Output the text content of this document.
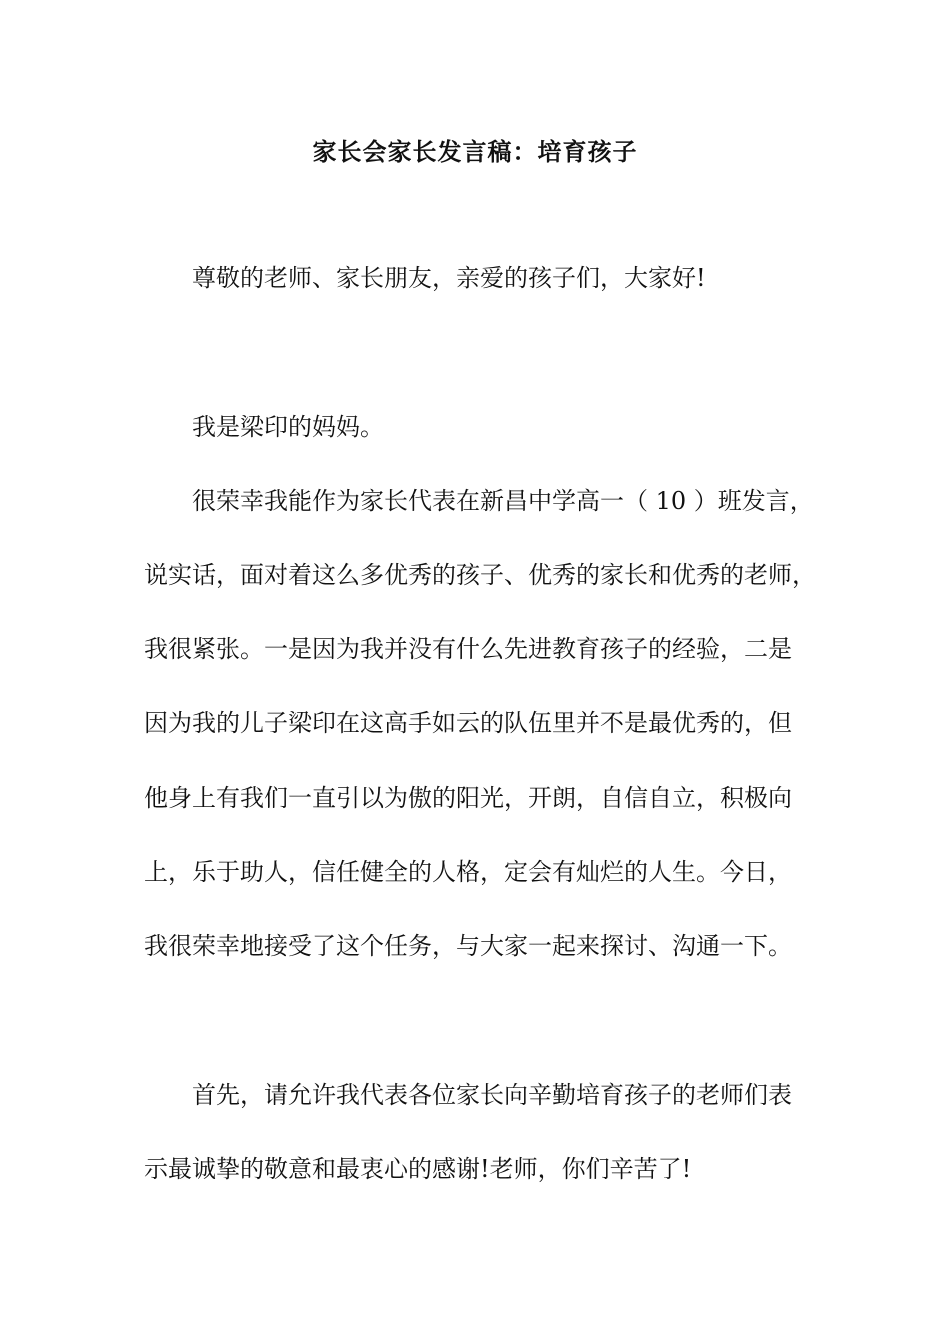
家长会家长发言稿：培育孩子
尊敬的老师、家长朋友，亲爱的孩子们，大家好!
我是梁印的妈妈。
很荣幸我能作为家长代表在新昌中学高一（ 10 ）班发言，
说实话，面对着这么多优秀的孩子、优秀的家长和优秀的老师，
我很紧张。一是因为我并没有什么先进教育孩子的经验，二是
因为我的儿子梁印在这高手如云的队伍里并不是最优秀的，但
他身上有我们一直引以为傲的阳光，开朗，自信自立，积极向
上，乐于助人，信任健全的人格，定会有灿烂的人生。今日，
我很荣幸地接受了这个任务，与大家一起来探讨、沟通一下。
首先，请允许我代表各位家长向辛勤培育孩子的老师们表
示最诚挚的敬意和最衷心的感谢!老师，你们辛苦了!
